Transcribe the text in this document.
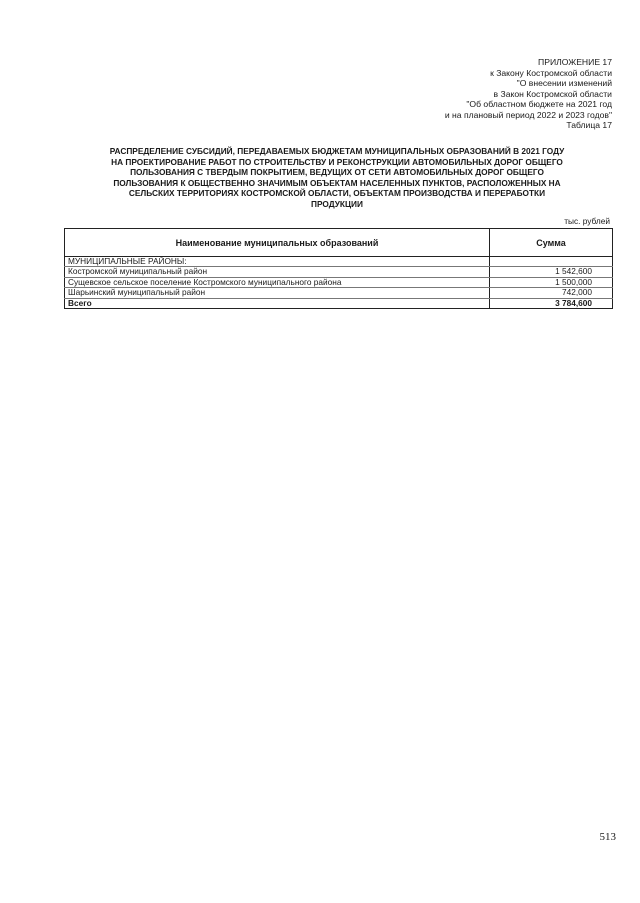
ПРИЛОЖЕНИЕ 17
к Закону Костромской области
"О внесении изменений
в Закон Костромской области
"Об областном бюджете на 2021 год
и на плановый период 2022 и 2023 годов"
Таблица 17
РАСПРЕДЕЛЕНИЕ СУБСИДИЙ, ПЕРЕДАВАЕМЫХ БЮДЖЕТАМ МУНИЦИПАЛЬНЫХ ОБРАЗОВАНИЙ В 2021 ГОДУ
НА ПРОЕКТИРОВАНИЕ РАБОТ ПО СТРОИТЕЛЬСТВУ И РЕКОНСТРУКЦИИ АВТОМОБИЛЬНЫХ ДОРОГ ОБЩЕГО
ПОЛЬЗОВАНИЯ С ТВЕРДЫМ ПОКРЫТИЕМ, ВЕДУЩИХ ОТ СЕТИ АВТОМОБИЛЬНЫХ ДОРОГ ОБЩЕГО
ПОЛЬЗОВАНИЯ К ОБЩЕСТВЕННО ЗНАЧИМЫМ ОБЪЕКТАМ НАСЕЛЕННЫХ ПУНКТОВ, РАСПОЛОЖЕННЫХ НА
СЕЛЬСКИХ ТЕРРИТОРИЯХ КОСТРОМСКОЙ ОБЛАСТИ, ОБЪЕКТАМ ПРОИЗВОДСТВА И ПЕРЕРАБОТКИ
ПРОДУКЦИИ
тыс. рублей
Наименование муниципальных образований	Сумма
МУНИЦИПАЛЬНЫЕ РАЙОНЫ:	
Костромской муниципальный район	1 542,600
Сущевское сельское поселение Костромского муниципального района	1 500,000
Шарьинский муниципальный район	742,000
Всего	3 784,600
513
